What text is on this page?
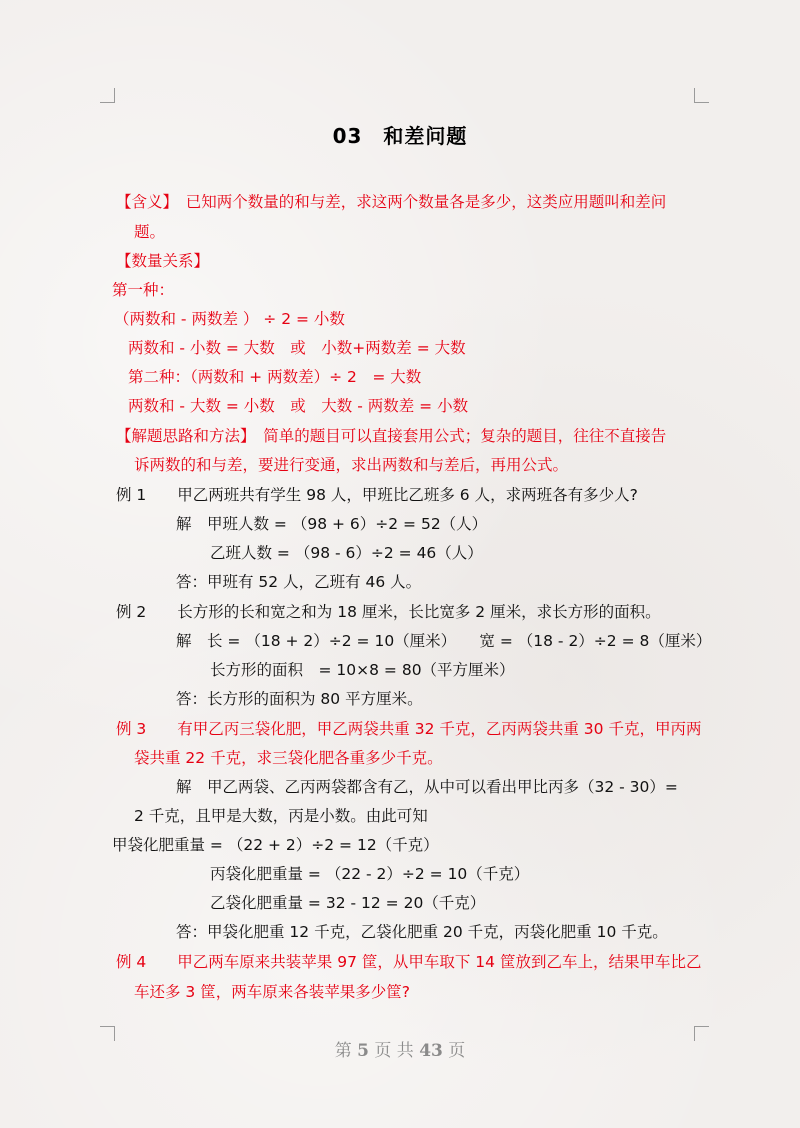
03　和差问题
【含义】　已知两个数量的和与差，求这两个数量各是多少，这类应用题叫和差问
题。
【数量关系】
第一种：
（两数和 - 两数差 ） ÷ 2 = 小数
两数和 - 小数 = 大数　或　小数+两数差 = 大数
第二种：（两数和 + 两数差）÷ 2　= 大数
两数和 - 大数 = 小数　或　大数 - 两数差 = 小数
【解题思路和方法】　简单的题目可以直接套用公式；复杂的题目，往往不直接告
诉两数的和与差，要进行变通，求出两数和与差后，再用公式。
例 1　　甲乙两班共有学生 98 人，甲班比乙班多 6 人，求两班各有多少人?
解　甲班人数 = （98 + 6）÷2 = 52（人）
乙班人数 = （98 - 6）÷2 = 46（人）
答：甲班有 52 人，乙班有 46 人。
例 2　　长方形的长和宽之和为 18 厘米，长比宽多 2 厘米，求长方形的面积。
解　长 = （18 + 2）÷2 = 10（厘米）　　宽 = （18 - 2）÷2 = 8（厘米）
长方形的面积　= 10×8 = 80（平方厘米）
答：长方形的面积为 80 平方厘米。
例 3　　有甲乙丙三袋化肥，甲乙两袋共重 32 千克，乙丙两袋共重 30 千克，甲丙两
袋共重 22 千克，求三袋化肥各重多少千克。
解　甲乙两袋、乙丙两袋都含有乙，从中可以看出甲比丙多（32 - 30）=
2 千克，且甲是大数，丙是小数。由此可知
甲袋化肥重量 = （22 + 2）÷2 = 12（千克）
丙袋化肥重量 = （22 - 2）÷2 = 10（千克）
乙袋化肥重量 = 32 - 12 = 20（千克）
答：甲袋化肥重 12 千克，乙袋化肥重 20 千克，丙袋化肥重 10 千克。
例 4　　甲乙两车原来共装苹果 97 筐，从甲车取下 14 筐放到乙车上，结果甲车比乙
车还多 3 筐，两车原来各装苹果多少筐?
第 5 页 共 43 页
